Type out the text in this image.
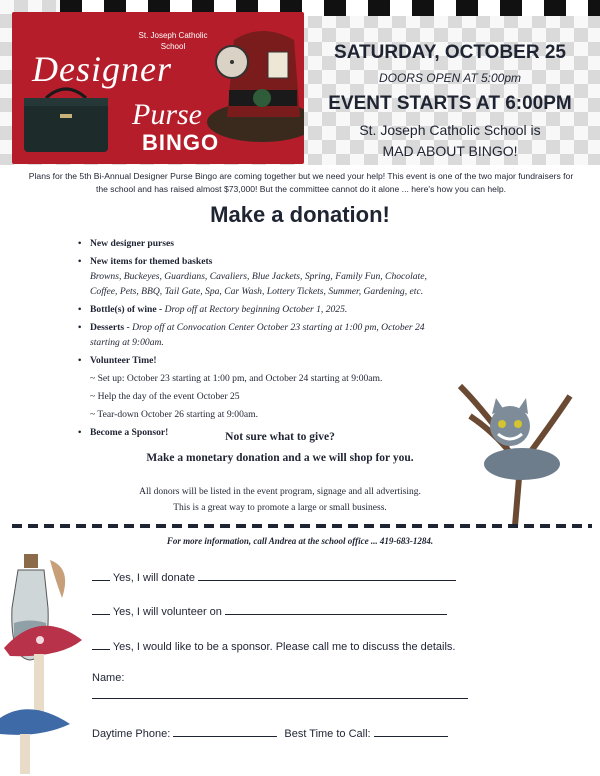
St. Joseph Catholic
School
Designer
Purse
BINGO
SATURDAY, OCTOBER 25
DOORS OPEN AT 5:00pm
EVENT STARTS AT 6:00PM
St. Joseph Catholic School is
MAD ABOUT BINGO!
Plans for the 5th Bi-Annual Designer Purse Bingo are coming together but we need your help! This event is one of the two major fundraisers for
the school and has raised almost $73,000! But the committee cannot do it alone ... here's how you can help.
Make a donation!
• New designer purses
• New items for themed baskets
Browns, Buckeyes, Guardians, Cavaliers, Blue Jackets, Spring, Family Fun, Chocolate,
Coffee, Pets, BBQ, Tail Gate, Spa, Car Wash, Lottery Tickets, Summer, Gardening, etc.
• Bottle(s) of wine - Drop off at Rectory beginning October 1, 2025.
• Desserts - Drop off at Convocation Center October 23 starting at 1:00 pm, October 24
starting at 9:00am.
• Volunteer Time!
~ Set up: October 23 starting at 1:00 pm, and October 24 starting at 9:00am.
~ Help the day of the event October 25
~ Tear-down October 26 starting at 9:00am.
• Become a Sponsor!	Not sure what to give?
Make a monetary donation and a we will shop for you.
All donors will be listed in the event program, signage and all advertising.
This is a great way to promote a large or small business.
For more information, call Andrea at the school office ... 419-683-1284.
Yes, I will donate
Yes, I will volunteer on
Yes, I would like to be a sponsor. Please call me to discuss the details.
Name:
Daytime Phone:	Best Time to Call:
